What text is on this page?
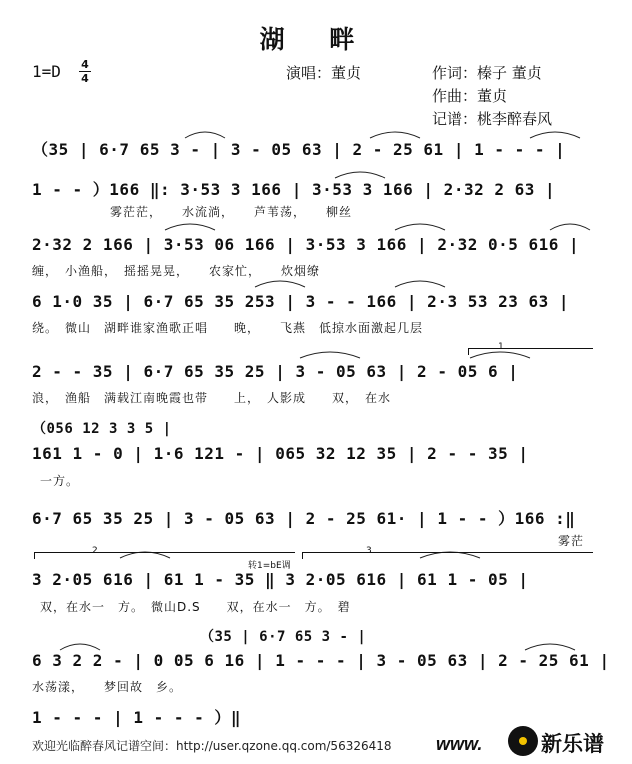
湖 畔
1=D 4
4	演唱：董贞	作词：榛子 董贞
作曲：董贞
记谱：桃李醉春风
（35 | 6·7 65 3 - | 3 - 05 63 | 2 - 25 61 | 1 - - - |
1 - - ）166 ‖: 3·53 3 166 | 3·53 3 166 | 2·32 2 63 |
雾茫茫，　　水流淌，　　芦苇荡，　　柳丝
2·32 2 166 | 3·53 06 166 | 3·53 3 166 | 2·32 0·5 616 |
缠，　小渔船，　摇摇晃晃，　　农家忙，　　炊烟缭
6 1·0 35 | 6·7 65 35 253 | 3 - - 166 | 2·3 53 23 63 |
绕。　微山　湖畔谁家渔歌正唱　　晚，　　飞燕　低掠水面激起几层
1
2 - - 35 | 6·7 65 35 25 | 3 - 05 63 | 2 - 05 6 |
浪，　渔船　满载江南晚霞也带　　上，　人影成　　双，　在水
（056 12 3 3 5 |
161 1 - 0 | 1·6 121 - | 065 32 12 35 | 2 - - 35 |
一方。
6·7 65 35 25 | 3 - 05 63 | 2 - 25 61· | 1 - - ）166 :‖
雾茫
2	3
转1=bE调
3 2·05 616 | 61 1 - 35 ‖ 3 2·05 616 | 61 1 - 05 |
双，在水一　方。　微山D.S　　双，在水一　方。　碧
（35 | 6·7 65 3 - |
6 3 2 2 - | 0 05 6 16 | 1 - - - | 3 - 05 63 | 2 - 25 61 |
水荡漾，　　梦回故　乡。
1 - - - | 1 - - - ）‖
欢迎光临醉春风记谱空间：http://user.qzone.qq.com/56326418 www.	新乐谱
